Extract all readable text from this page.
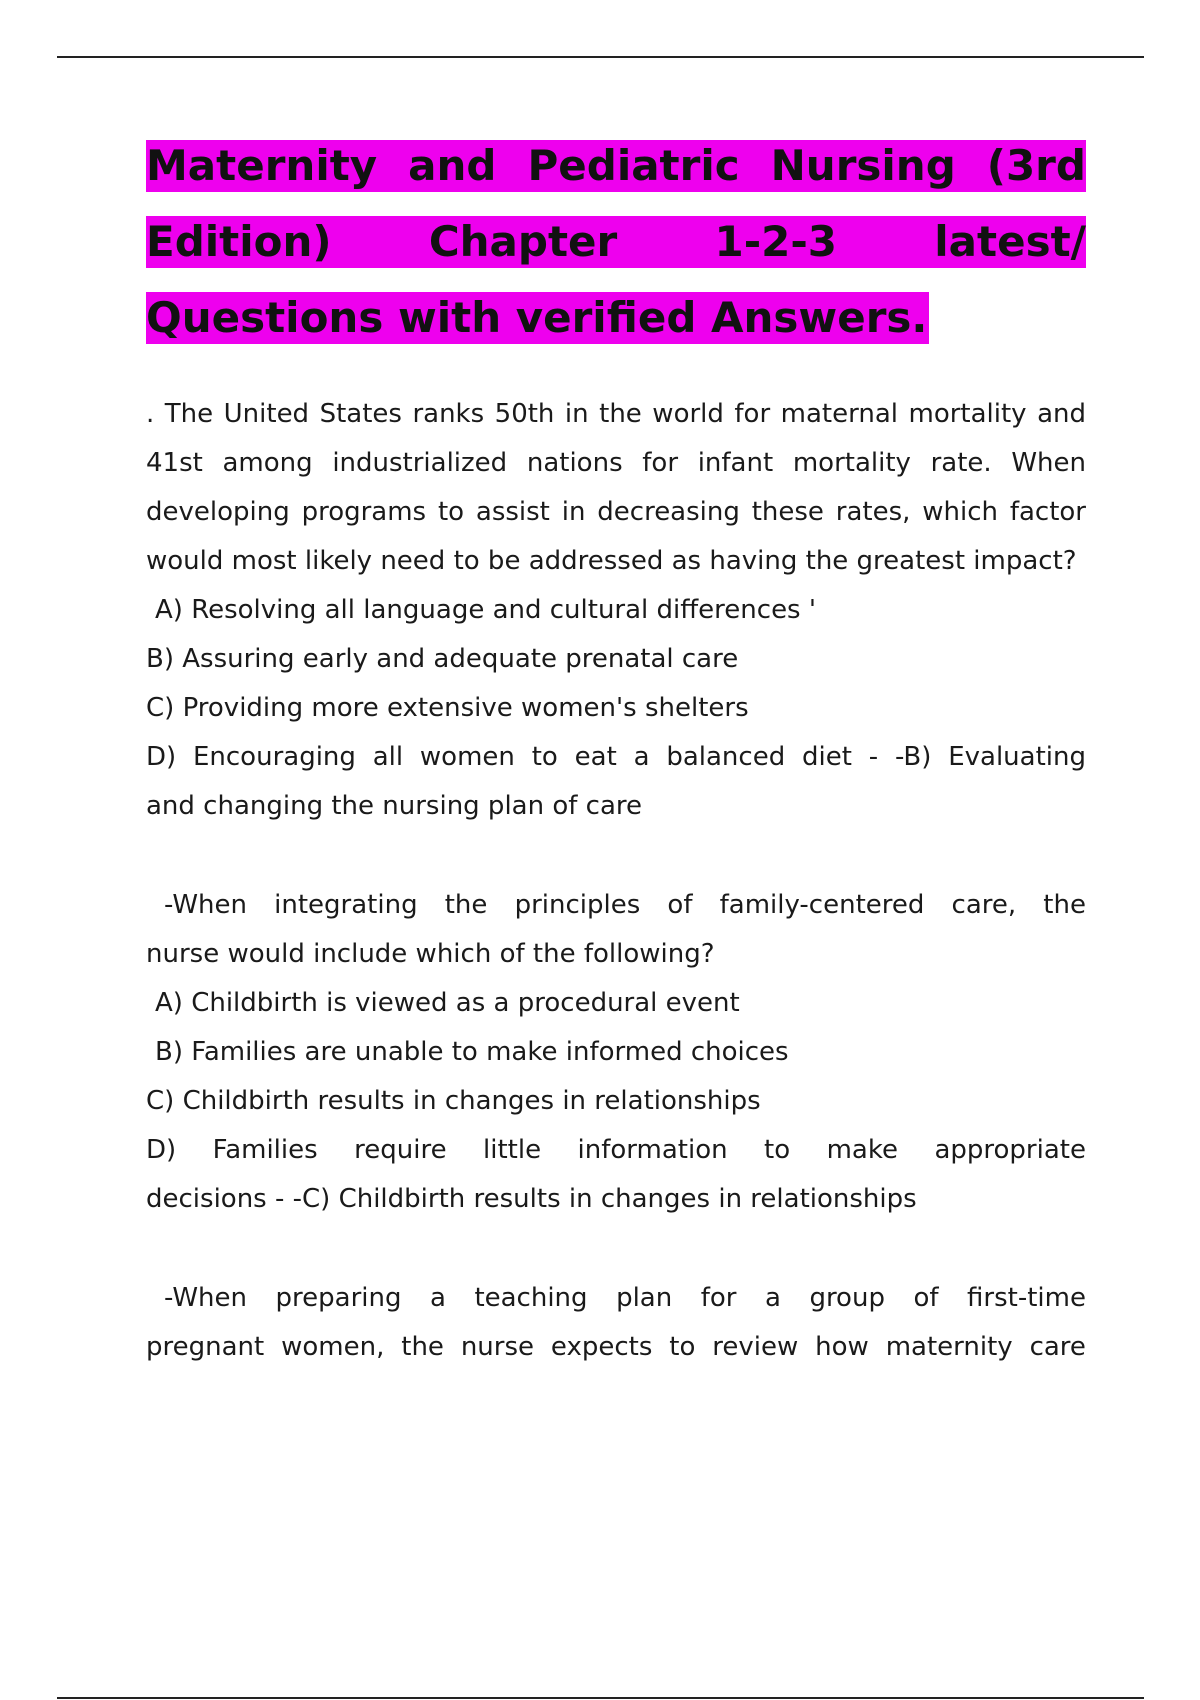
Maternity and Pediatric Nursing (3rd
Edition) Chapter 1-2-3 latest/
Questions with verified Answers.
. The United States ranks 50th in the world for maternal mortality and 41st among industrialized nations for infant mortality rate. When developing programs to assist in decreasing these rates, which factor would most likely need to be addressed as having the greatest impact?
A) Resolving all language and cultural differences '
B) Assuring early and adequate prenatal care
C) Providing more extensive women's shelters
D) Encouraging all women to eat a balanced diet - -B) Evaluating
and changing the nursing plan of care
-When integrating the principles of family-centered care, the
nurse would include which of the following?
A) Childbirth is viewed as a procedural event
B) Families are unable to make informed choices
C) Childbirth results in changes in relationships
D) Families require little information to make appropriate
decisions - -C) Childbirth results in changes in relationships
-When preparing a teaching plan for a group of first-time
pregnant women, the nurse expects to review how maternity care
